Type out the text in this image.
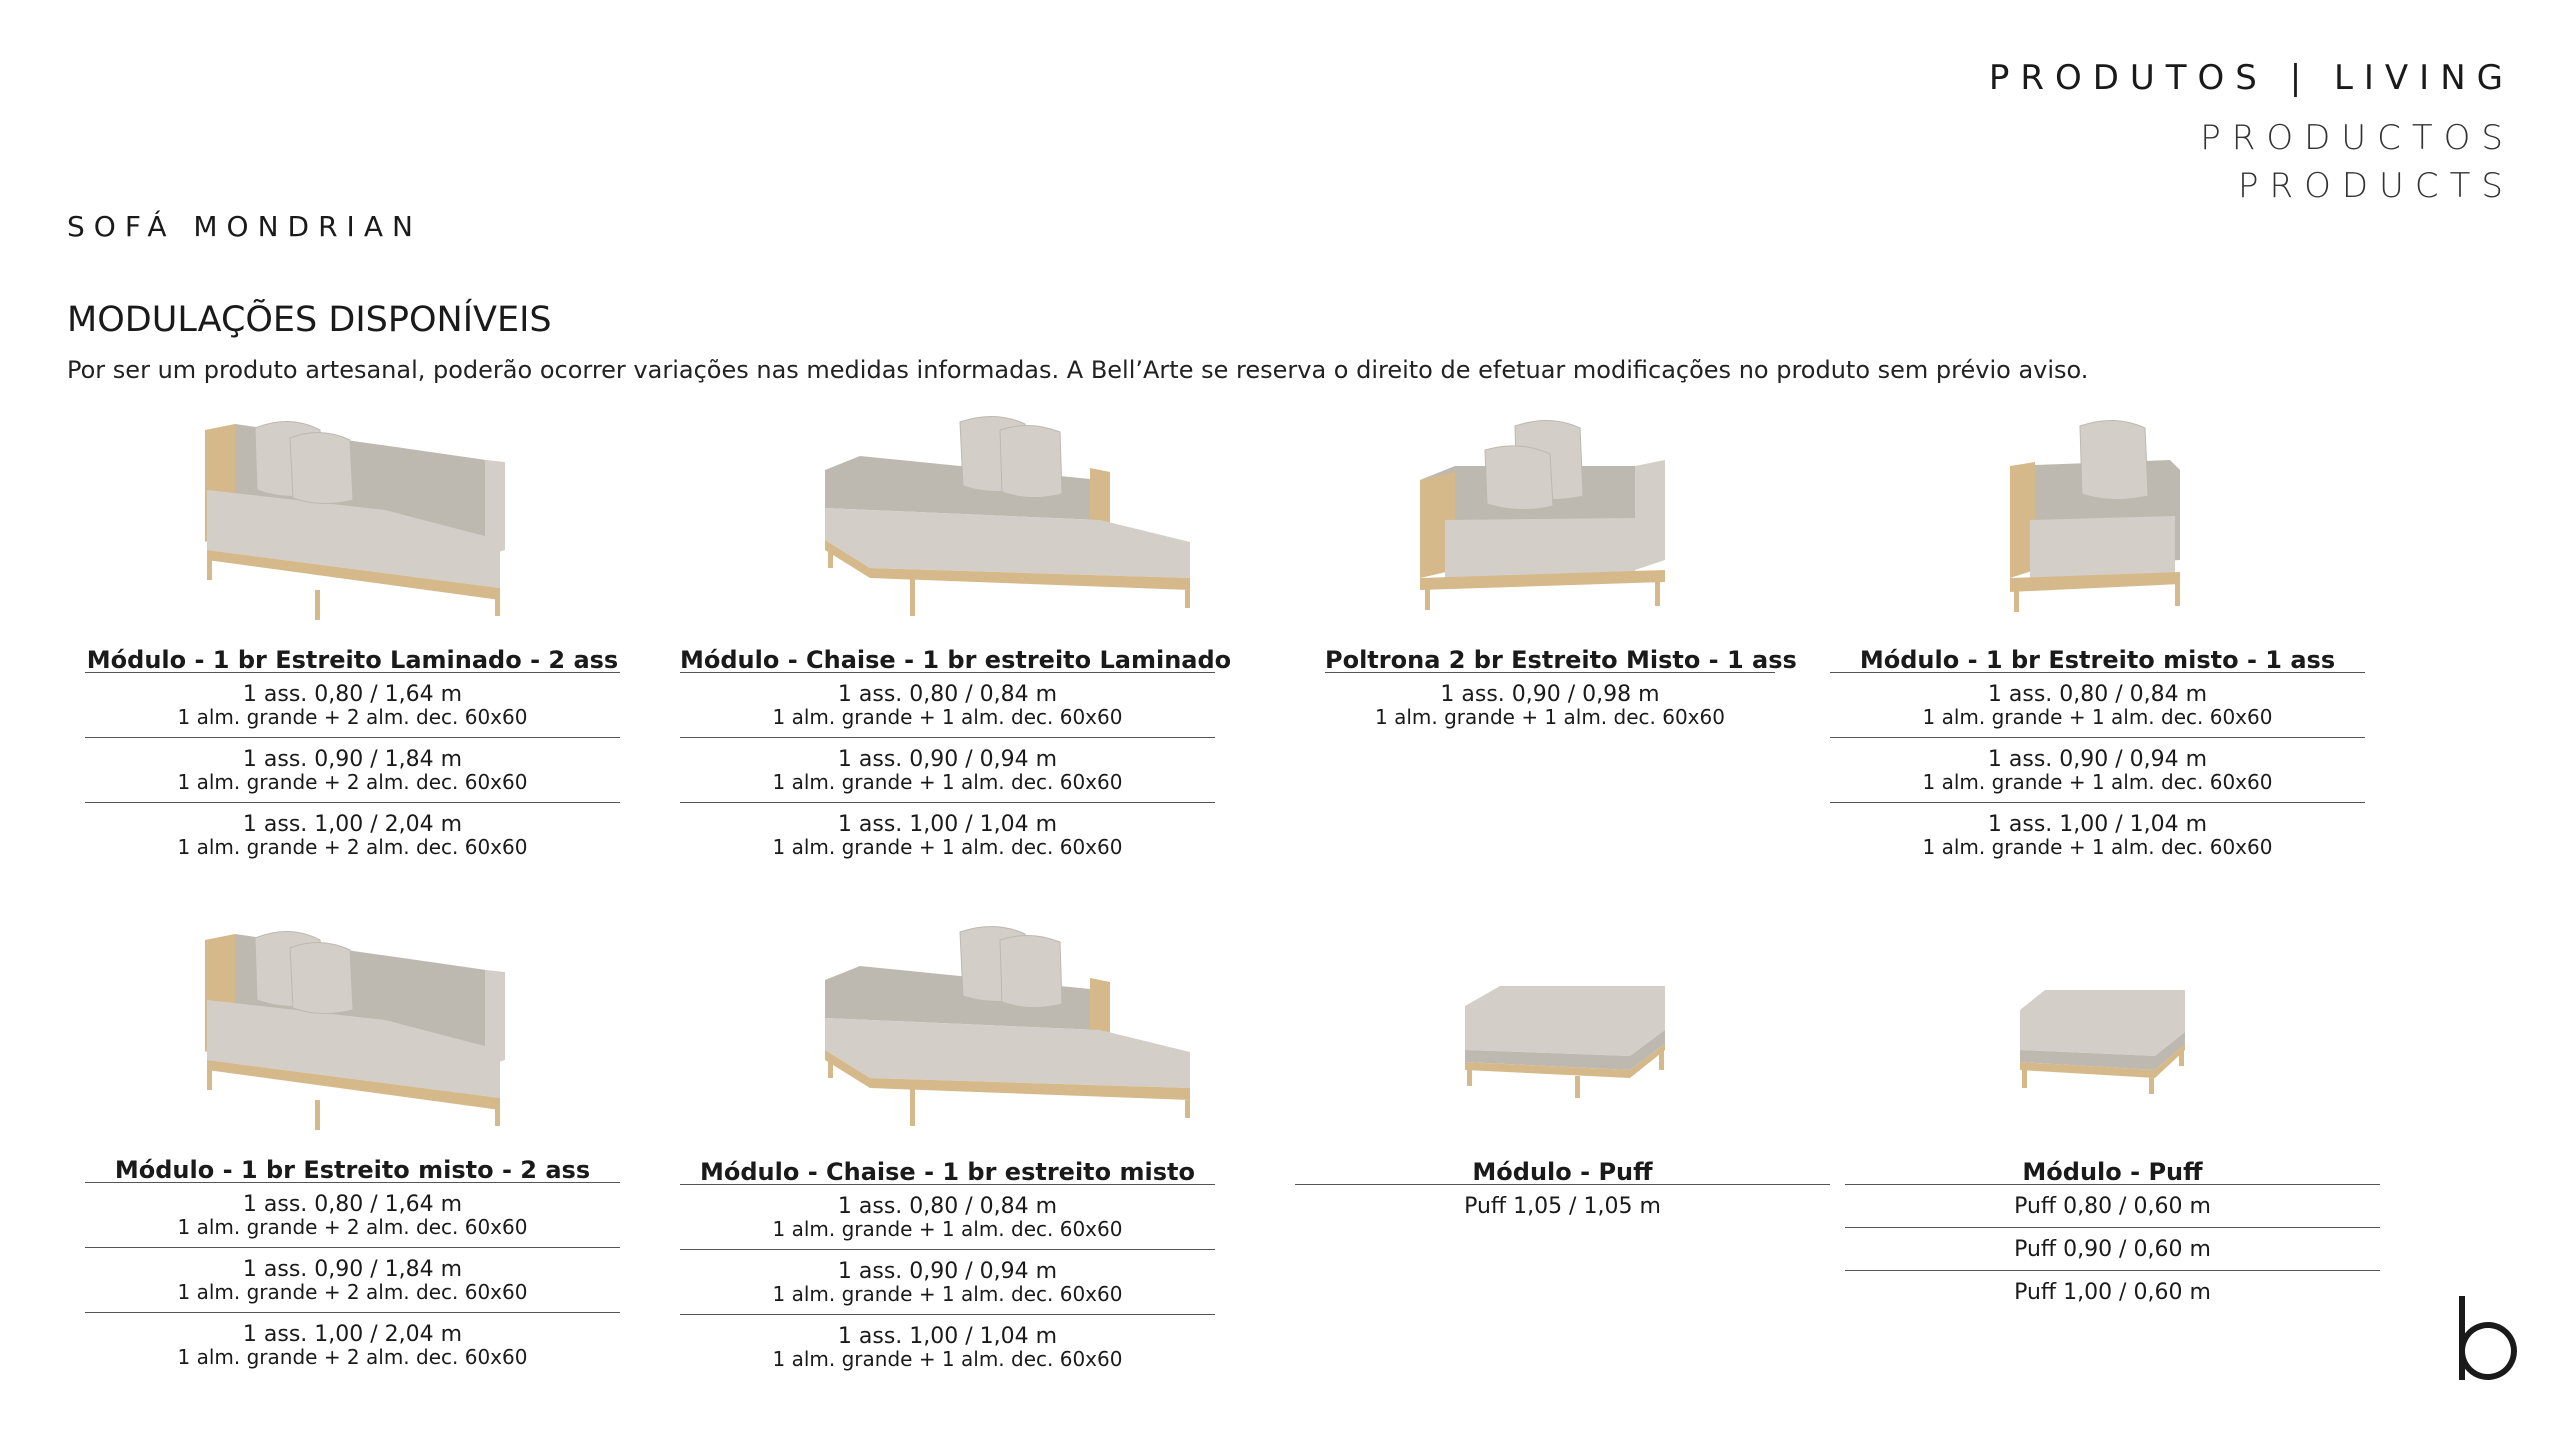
PRODUTOS | LIVING
PRODUCTOS
PRODUCTS
SOFÁ MONDRIAN
MODULAÇÕES DISPONÍVEIS
Por ser um produto artesanal, poderão ocorrer variações nas medidas informadas. A Bell’Arte se reserva o direito de efetuar modificações no produto sem prévio aviso.
Módulo - 1 br Estreito Laminado - 2 ass
1 ass. 0,80 / 1,64 m
1 alm. grande + 2 alm. dec. 60x60
1 ass. 0,90 / 1,84 m
1 alm. grande + 2 alm. dec. 60x60
1 ass. 1,00 / 2,04 m
1 alm. grande + 2 alm. dec. 60x60
Módulo - Chaise - 1 br estreito Laminado
1 ass. 0,80 / 0,84 m
1 alm. grande + 1 alm. dec. 60x60
1 ass. 0,90 / 0,94 m
1 alm. grande + 1 alm. dec. 60x60
1 ass. 1,00 / 1,04 m
1 alm. grande + 1 alm. dec. 60x60
Poltrona 2 br Estreito Misto - 1 ass
1 ass. 0,90 / 0,98 m
1 alm. grande + 1 alm. dec. 60x60
Módulo - 1 br Estreito misto - 1 ass
1 ass. 0,80 / 0,84 m
1 alm. grande + 1 alm. dec. 60x60
1 ass. 0,90 / 0,94 m
1 alm. grande + 1 alm. dec. 60x60
1 ass. 1,00 / 1,04 m
1 alm. grande + 1 alm. dec. 60x60
Módulo - 1 br Estreito misto - 2 ass
1 ass. 0,80 / 1,64 m
1 alm. grande + 2 alm. dec. 60x60
1 ass. 0,90 / 1,84 m
1 alm. grande + 2 alm. dec. 60x60
1 ass. 1,00 / 2,04 m
1 alm. grande + 2 alm. dec. 60x60
Módulo - Chaise - 1 br estreito misto
1 ass. 0,80 / 0,84 m
1 alm. grande + 1 alm. dec. 60x60
1 ass. 0,90 / 0,94 m
1 alm. grande + 1 alm. dec. 60x60
1 ass. 1,00 / 1,04 m
1 alm. grande + 1 alm. dec. 60x60
Módulo - Puff
Puff 1,05 / 1,05 m
Módulo - Puff
Puff 0,80 / 0,60 m
Puff 0,90 / 0,60 m
Puff 1,00 / 0,60 m
